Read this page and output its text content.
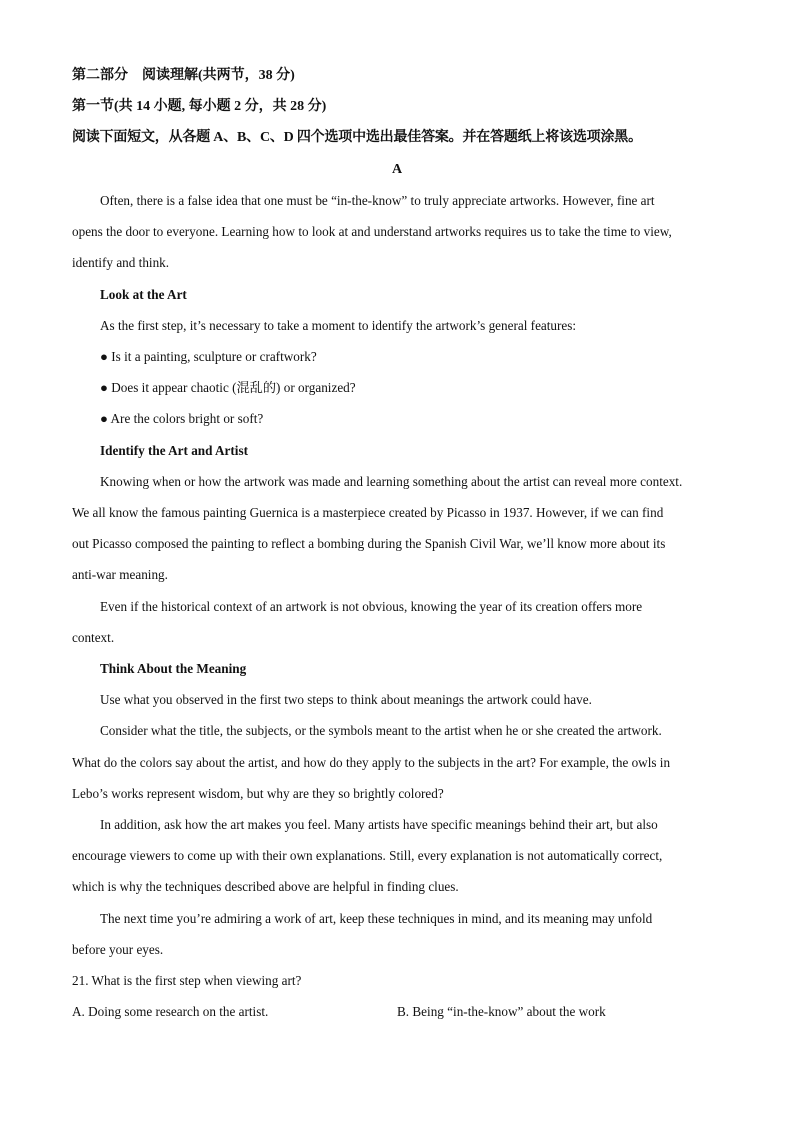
第二部分　阅读理解(共两节，38 分)
第一节(共 14 小题, 每小题 2 分，共 28 分)
阅读下面短文，从各题 A、B、C、D 四个选项中选出最佳答案。并在答题纸上将该选项涂黑。
A
Often, there is a false idea that one must be “in-the-know” to truly appreciate artworks. However, fine art
opens the door to everyone. Learning how to look at and understand artworks requires us to take the time to view,
identify and think.
Look at the Art
As the first step, it’s necessary to take a moment to identify the artwork’s general features:
● Is it a painting, sculpture or craftwork?
● Does it appear chaotic (混乱的) or organized?
● Are the colors bright or soft?
Identify the Art and Artist
Knowing when or how the artwork was made and learning something about the artist can reveal more context.
We all know the famous painting Guernica is a masterpiece created by Picasso in 1937. However, if we can find
out Picasso composed the painting to reflect a bombing during the Spanish Civil War, we’ll know more about its
anti-war meaning.
Even if the historical context of an artwork is not obvious, knowing the year of its creation offers more
context.
Think About the Meaning
Use what you observed in the first two steps to think about meanings the artwork could have.
Consider what the title, the subjects, or the symbols meant to the artist when he or she created the artwork.
What do the colors say about the artist, and how do they apply to the subjects in the art? For example, the owls in
Lebo’s works represent wisdom, but why are they so brightly colored?
In addition, ask how the art makes you feel. Many artists have specific meanings behind their art, but also
encourage viewers to come up with their own explanations. Still, every explanation is not automatically correct,
which is why the techniques described above are helpful in finding clues.
The next time you’re admiring a work of art, keep these techniques in mind, and its meaning may unfold
before your eyes.
21. What is the first step when viewing art?
A. Doing some research on the artist.	B. Being “in-the-know” about the work
